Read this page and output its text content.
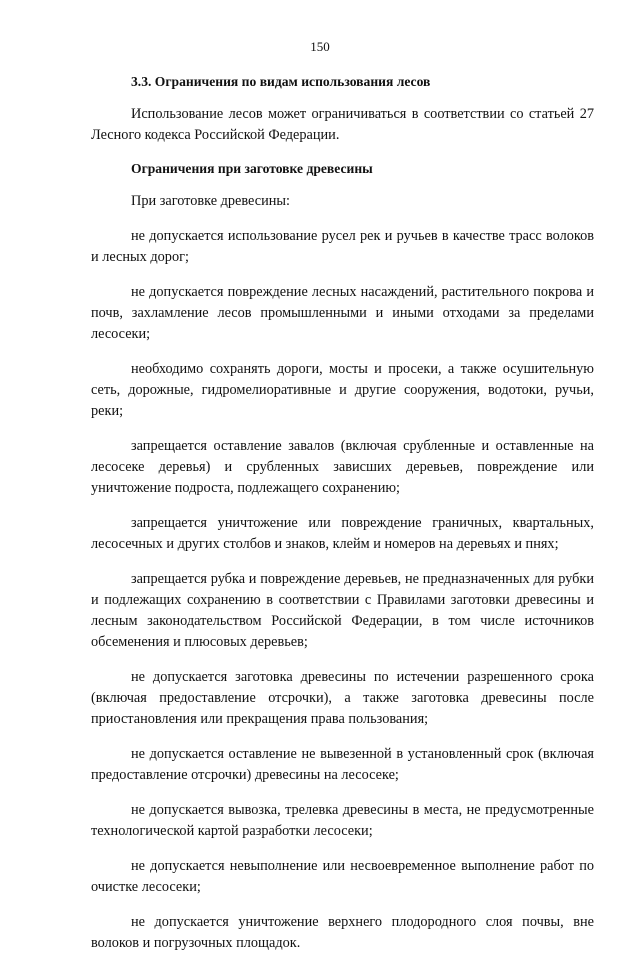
150

3.3. Ограничения по видам использования лесов

Использование лесов может ограничиваться в соответствии со статьей 27 Лесного кодекса Российской Федерации.

Ограничения при заготовке древесины

При заготовке древесины:

не допускается использование русел рек и ручьев в качестве трасс волоков и лесных дорог;

не допускается повреждение лесных насаждений, растительного покрова и почв, захламление лесов промышленными и иными отходами за пределами лесосеки;

необходимо сохранять дороги, мосты и просеки, а также осушительную сеть, дорожные, гидромелиоративные и другие сооружения, водотоки, ручьи, реки;

запрещается оставление завалов (включая срубленные и оставленные на лесосеке деревья) и срубленных зависших деревьев, повреждение или уничтожение подроста, подлежащего сохранению;

запрещается уничтожение или повреждение граничных, квартальных, лесосечных и других столбов и знаков, клейм и номеров на деревьях и пнях;

запрещается рубка и повреждение деревьев, не предназначенных для рубки и подлежащих сохранению в соответствии с Правилами заготовки древесины и лесным законодательством Российской Федерации, в том числе источников обсеменения и плюсовых деревьев;

не допускается заготовка древесины по истечении разрешенного срока (включая предоставление отсрочки), а также заготовка древесины после приостановления или прекращения права пользования;

не допускается оставление не вывезенной в установленный срок (включая предоставление отсрочки) древесины на лесосеке;

не допускается вывозка, трелевка древесины в места, не предусмотренные технологической картой разработки лесосеки;

не допускается невыполнение или несвоевременное выполнение работ по очистке лесосеки;

не допускается уничтожение верхнего плодородного слоя почвы, вне волоков и погрузочных площадок.
